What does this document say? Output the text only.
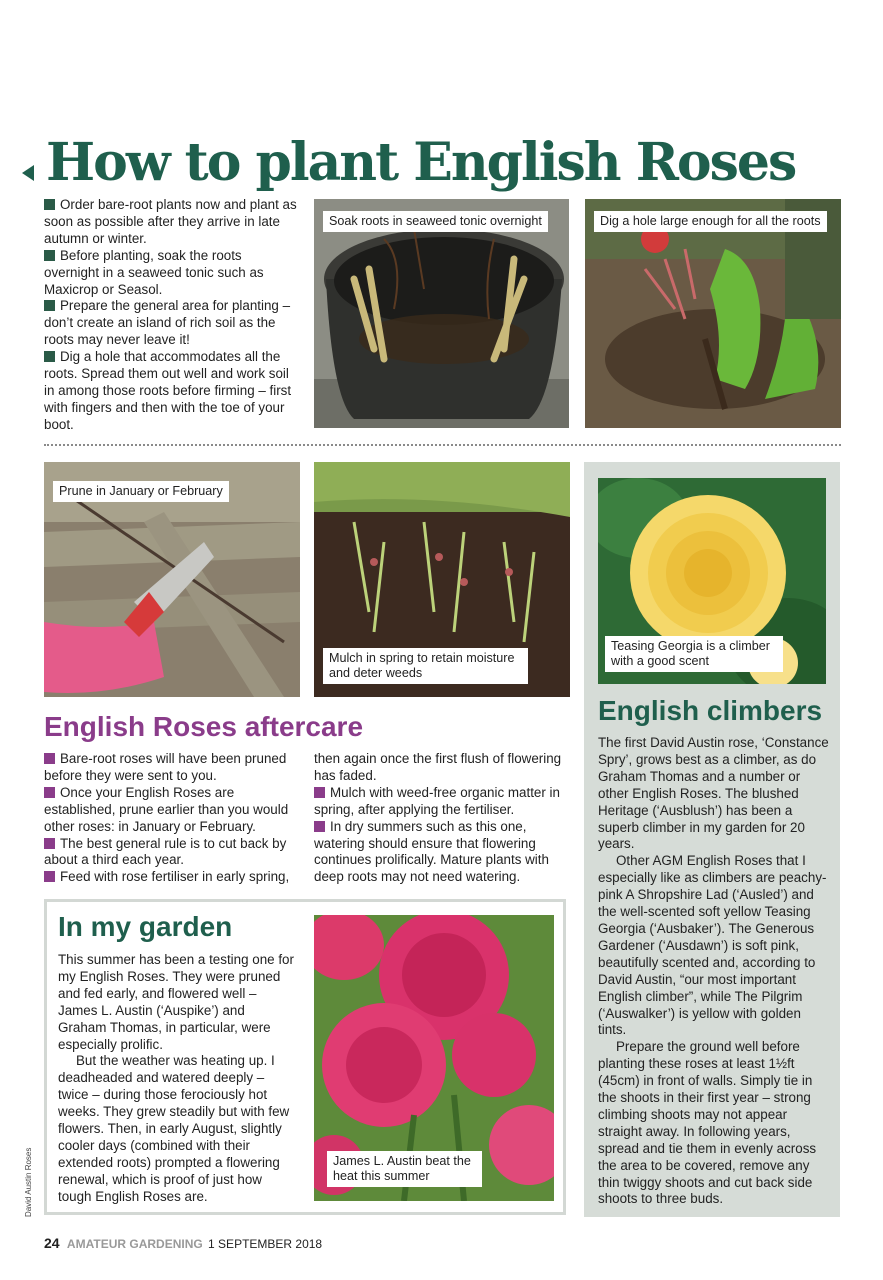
How to plant English Roses
Order bare-root plants now and plant as soon as possible after they arrive in late autumn or winter.
Before planting, soak the roots overnight in a seaweed tonic such as Maxicrop or Seasol.
Prepare the general area for planting – don’t create an island of rich soil as the roots may never leave it!
Dig a hole that accommodates all the roots. Spread them out well and work soil in among those roots before firming – first with fingers and then with the toe of your boot.
Soak roots in seaweed tonic overnight	Dig a hole large enough for all the roots
Prune in January or February
Mulch in spring to retain moisture and deter weeds
Teasing Georgia is a climber with a good scent
English climbers

The first David Austin rose, ‘Constance Spry’, grows best as a climber, as do Graham Thomas and a number or other English Roses. The blushed Heritage (‘Ausblush’) has been a superb climber in my garden for 20 years.

Other AGM English Roses that I especially like as climbers are peachy-pink A Shropshire Lad (‘Ausled’) and the well-scented soft yellow Teasing Georgia (‘Ausbaker’). The Generous Gardener (‘Ausdawn’) is soft pink, beautifully scented and, according to David Austin, “our most important English climber”, while The Pilgrim (‘Auswalker’) is yellow with golden tints.

Prepare the ground well before planting these roses at least 1½ft (45cm) in front of walls. Simply tie in the shoots in their first year – strong climbing shoots may not appear straight away. In following years, spread and tie them in evenly across the area to be covered, remove any thin twiggy shoots and cut back side shoots to three buds.

English Roses aftercare
Bare-root roses will have been pruned before they were sent to you.
Once your English Roses are established, prune earlier than you would other roses: in January or February.
The best general rule is to cut back by about a third each year.
Feed with rose fertiliser in early spring,
then again once the first flush of flowering has faded.
Mulch with weed-free organic matter in spring, after applying the fertiliser.
In dry summers such as this one, watering should ensure that flowering continues prolifically. Mature plants with deep roots may not need watering.
In my garden

This summer has been a testing one for my English Roses. They were pruned and fed early, and flowered well – James L. Austin (‘Auspike’) and Graham Thomas, in particular, were especially prolific.

But the weather was heating up. I deadheaded and watered deeply – twice – during those ferociously hot weeks. They grew steadily but with few flowers. Then, in early August, slightly cooler days (combined with their extended roots) prompted a flowering renewal, which is proof of just how tough English Roses are.

James L. Austin beat the heat this summer
David Austin Roses
24 AMATEUR GARDENING 1 SEPTEMBER 2018
